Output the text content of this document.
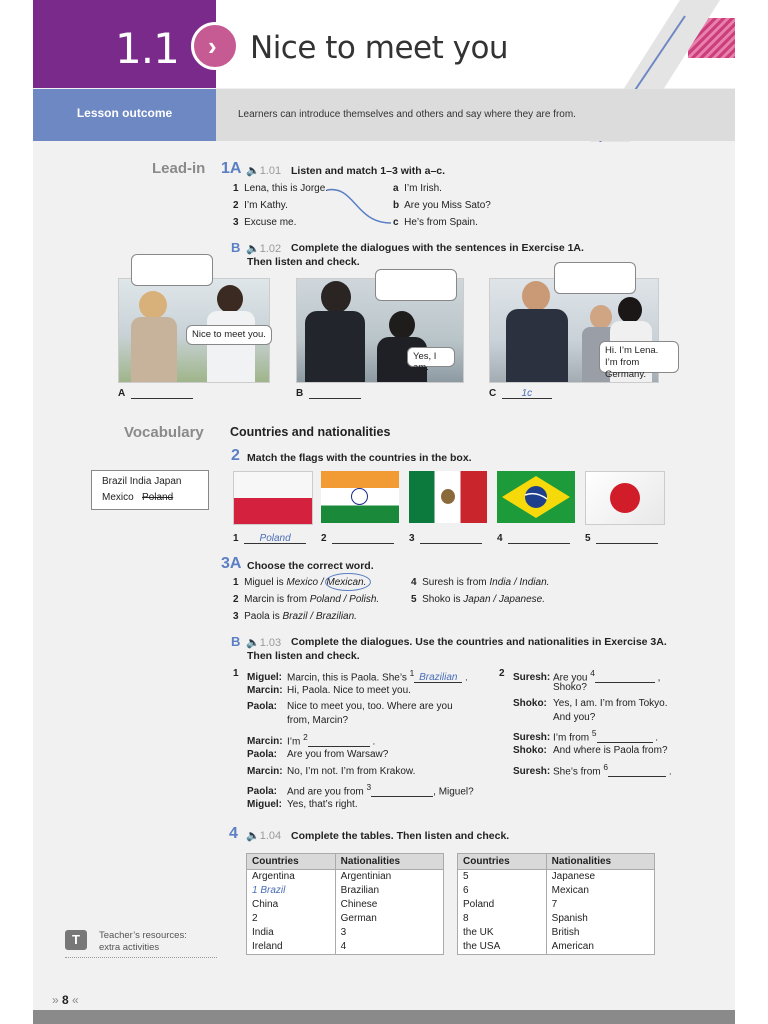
1.1 › Nice to meet you
Lesson outcome	Learners can introduce themselves and others and say where they are from.
Lead-in 1A 🔈1.01 Listen and match 1–3 with a–c.
1 Lena, this is Jorge.
2 I’m Kathy.
3 Excuse me.
a I’m Irish.
b Are you Miss Sato?
c He’s from Spain.
B 🔈1.02 Complete the dialogues with the sentences in Exercise 1A.
Then listen and check.
Nice to meet you.
Yes, I am.
Hi. I’m Lena. I’m from Germany.
A	B	C	1c
Vocabulary Countries and nationalities
2 Match the flags with the countries in the box.
Brazil India Japan
Mexico Poland
1 Poland	2	3	4	5
3A Choose the correct word.
1 Miguel is Mexico / Mexican.
2 Marcin is from Poland / Polish.
3 Paola is Brazil / Brazilian.
4 Suresh is from India / Indian.
5 Shoko is Japan / Japanese.
B 🔈1.03 Complete the dialogues. Use the countries and nationalities in Exercise 3A.
Then listen and check.
1 Miguel: Marcin, this is Paola. She’s $^1$ Brazilian .
Marcin: Hi, Paola. Nice to meet you.
Paola: Nice to meet you, too. Where are you
from, Marcin?
Marcin: I’m $^2$	.
Paola: Are you from Warsaw?
Marcin: No, I’m not. I’m from Krakow.
Paola: And are you from $^3$	, Miguel?
Miguel: Yes, that’s right.
2 Suresh: Are you $^4$	,
Shoko?
Shoko: Yes, I am. I’m from Tokyo.
And you?
Suresh: I’m from $^5$	.
Shoko: And where is Paola from?
Suresh: She’s from $^6$	.
4 🔈1.04 Complete the tables. Then listen and check.
Countries	Nationalities
Argentina	Argentinian
1 Brazil	Brazilian
China	Chinese
2	German
India	3
Ireland	4
Countries	Nationalities
5	Japanese
6	Mexican
Poland	7
8	Spanish
the UK	British
the USA	American
T	Teacher’s resources:
extra activities
» 8 «
